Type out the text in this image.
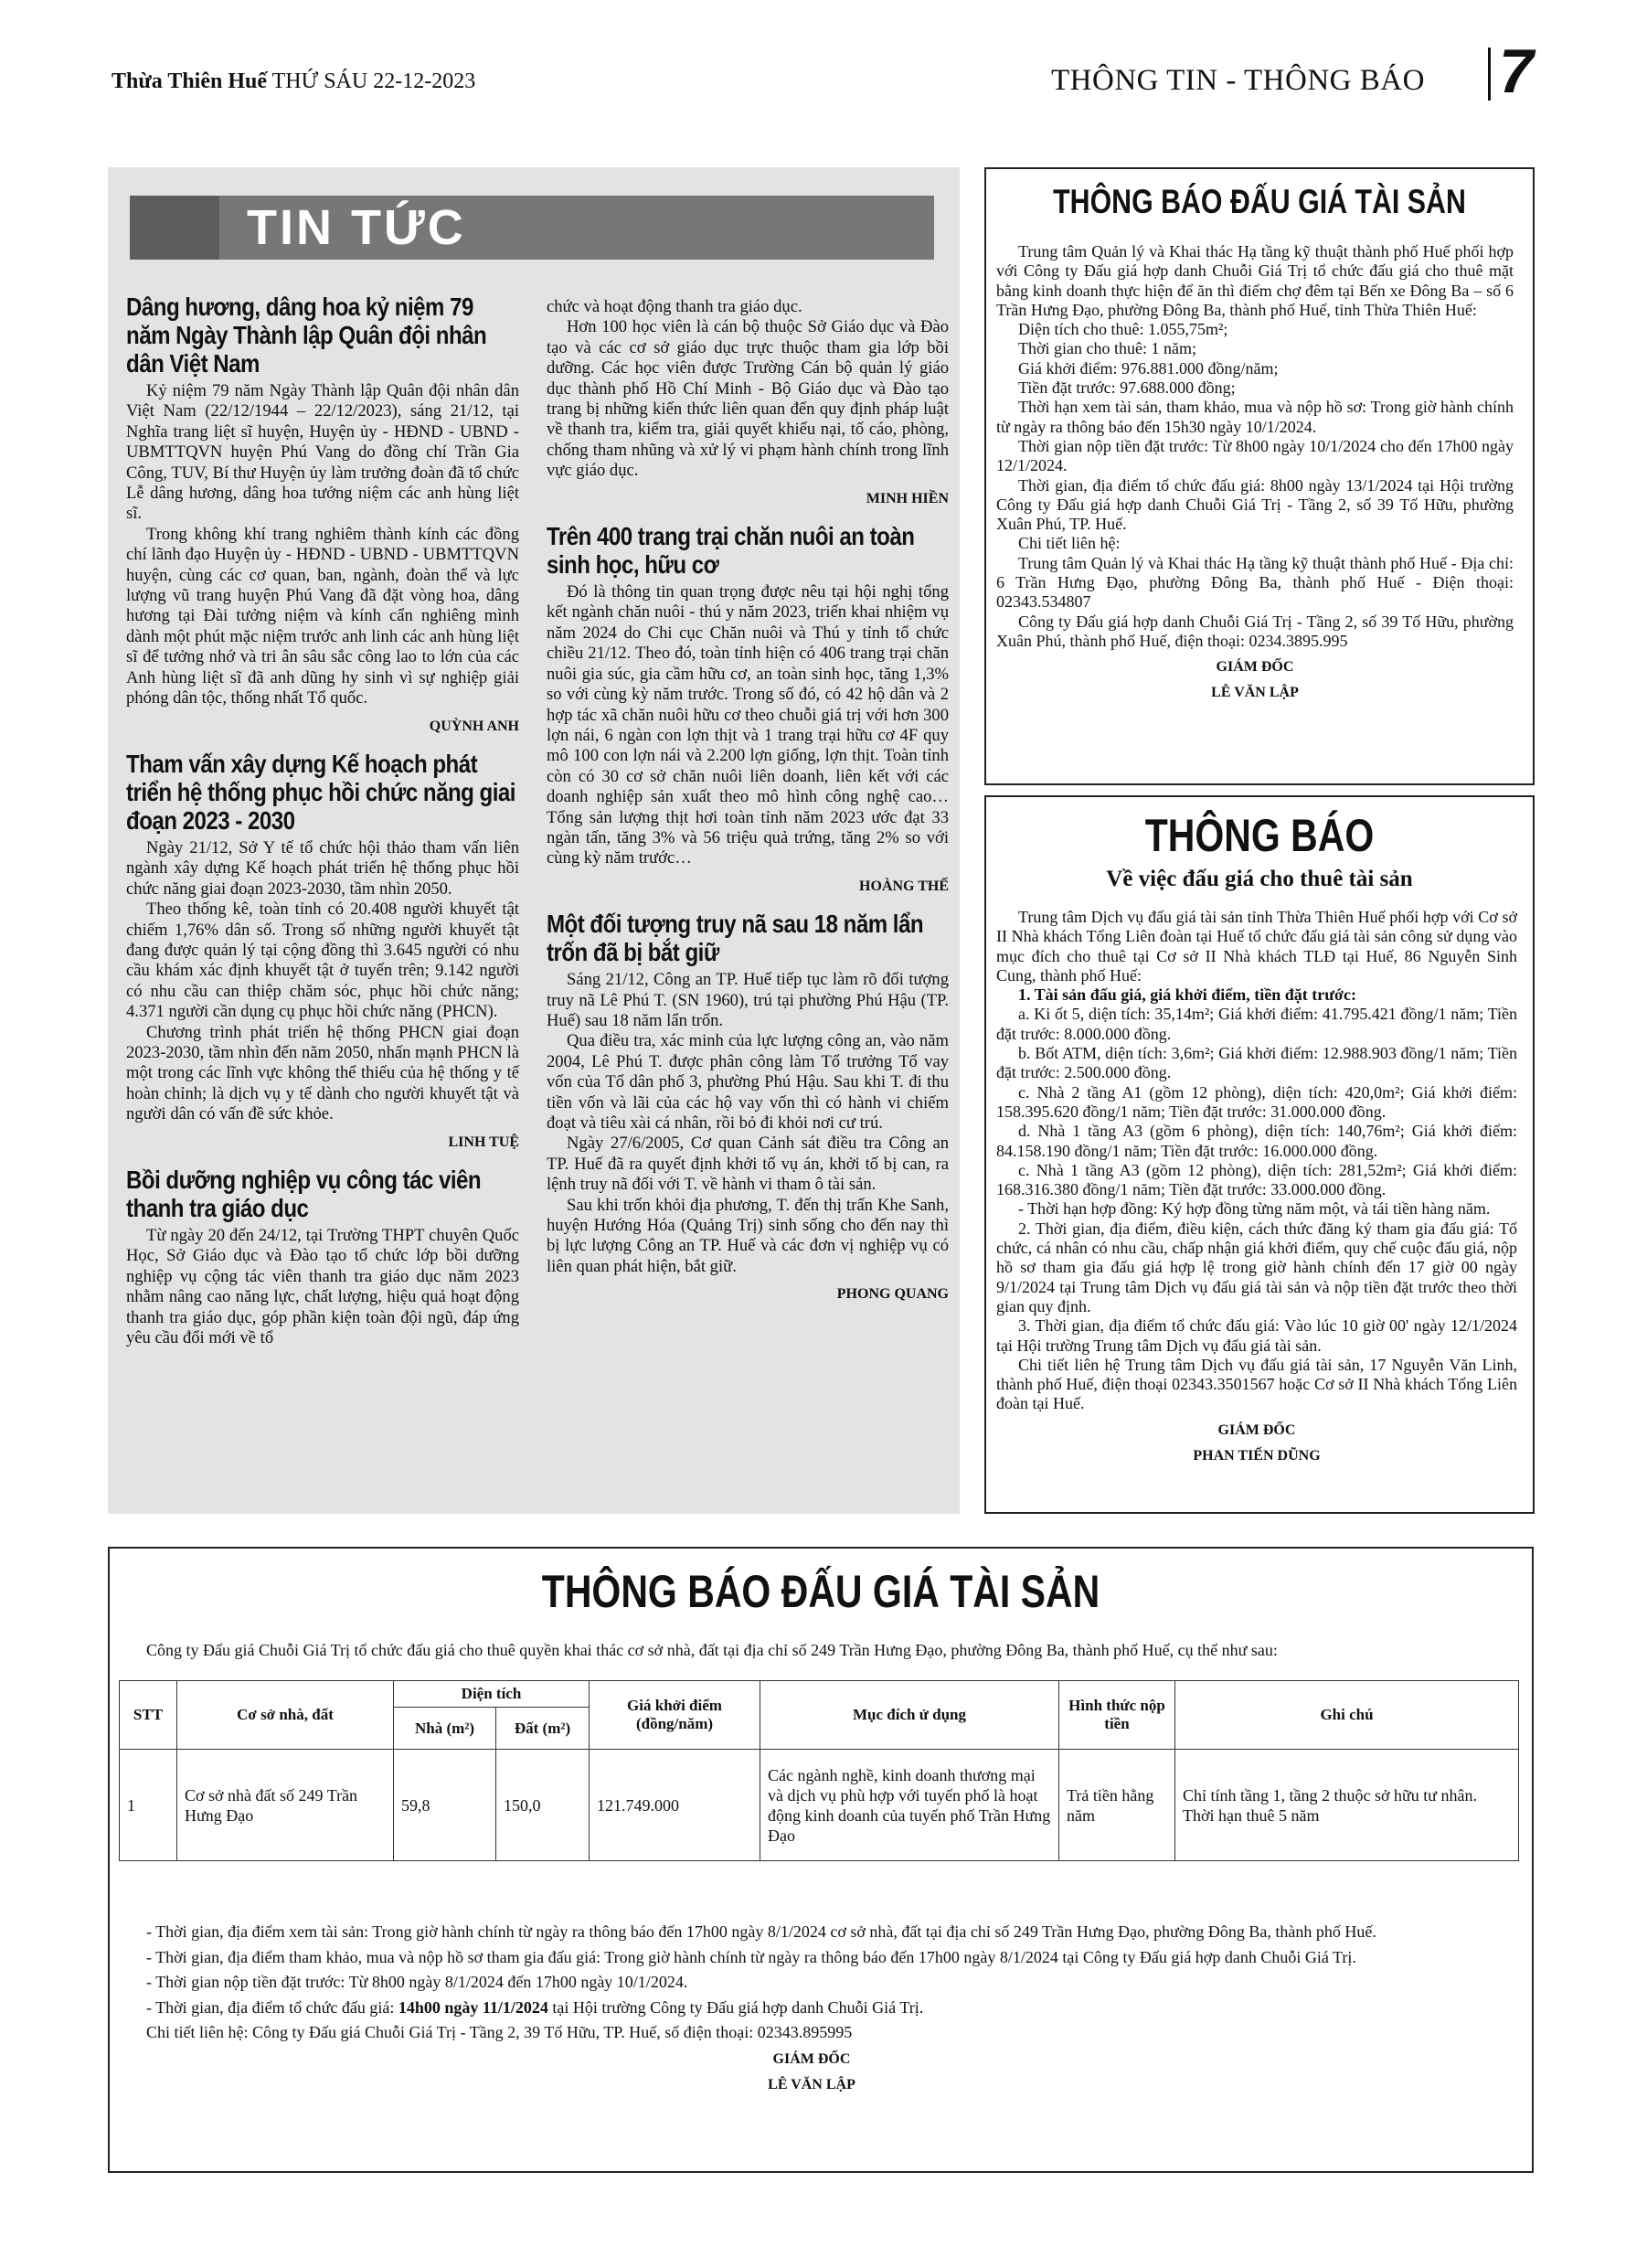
Thừa Thiên Huế THỨ SÁU 22-12-2023	THÔNG TIN - THÔNG BÁO 7
TIN TỨC
Dâng hương, dâng hoa kỷ niệm 79 năm Ngày Thành lập Quân đội nhân dân Việt Nam

Kỷ niệm 79 năm Ngày Thành lập Quân đội nhân dân Việt Nam (22/12/1944 – 22/12/2023), sáng 21/12, tại Nghĩa trang liệt sĩ huyện, Huyện ủy - HĐND - UBND - UBMTTQVN huyện Phú Vang do đồng chí Trần Gia Công, TUV, Bí thư Huyện ủy làm trưởng đoàn đã tổ chức Lễ dâng hương, dâng hoa tưởng niệm các anh hùng liệt sĩ.

Trong không khí trang nghiêm thành kính các đồng chí lãnh đạo Huyện ủy - HĐND - UBND - UBMTTQVN huyện, cùng các cơ quan, ban, ngành, đoàn thể và lực lượng vũ trang huyện Phú Vang đã đặt vòng hoa, dâng hương tại Đài tưởng niệm và kính cẩn nghiêng mình dành một phút mặc niệm trước anh linh các anh hùng liệt sĩ để tưởng nhớ và tri ân sâu sắc công lao to lớn của các Anh hùng liệt sĩ đã anh dũng hy sinh vì sự nghiệp giải phóng dân tộc, thống nhất Tổ quốc.

QUỲNH ANH

Tham vấn xây dựng Kế hoạch phát triển hệ thống phục hồi chức năng giai đoạn 2023 - 2030

Ngày 21/12, Sở Y tế tổ chức hội thảo tham vấn liên ngành xây dựng Kế hoạch phát triển hệ thống phục hồi chức năng giai đoạn 2023-2030, tầm nhìn 2050.

Theo thống kê, toàn tỉnh có 20.408 người khuyết tật chiếm 1,76% dân số. Trong số những người khuyết tật đang được quản lý tại cộng đồng thì 3.645 người có nhu cầu khám xác định khuyết tật ở tuyến trên; 9.142 người có nhu cầu can thiệp chăm sóc, phục hồi chức năng; 4.371 người cần dụng cụ phục hồi chức năng (PHCN).

Chương trình phát triển hệ thống PHCN giai đoạn 2023-2030, tầm nhìn đến năm 2050, nhấn mạnh PHCN là một trong các lĩnh vực không thể thiếu của hệ thống y tế hoàn chỉnh; là dịch vụ y tế dành cho người khuyết tật và người dân có vấn đề sức khỏe.

LINH TUỆ

Bồi dưỡng nghiệp vụ công tác viên thanh tra giáo dục

Từ ngày 20 đến 24/12, tại Trường THPT chuyên Quốc Học, Sở Giáo dục và Đào tạo tổ chức lớp bồi dưỡng nghiệp vụ cộng tác viên thanh tra giáo dục năm 2023 nhằm nâng cao năng lực, chất lượng, hiệu quả hoạt động thanh tra giáo dục, góp phần kiện toàn đội ngũ, đáp ứng yêu cầu đổi mới về tổ

chức và hoạt động thanh tra giáo dục.

Hơn 100 học viên là cán bộ thuộc Sở Giáo dục và Đào tạo và các cơ sở giáo dục trực thuộc tham gia lớp bồi dưỡng. Các học viên được Trường Cán bộ quản lý giáo dục thành phố Hồ Chí Minh - Bộ Giáo dục và Đào tạo trang bị những kiến thức liên quan đến quy định pháp luật về thanh tra, kiểm tra, giải quyết khiếu nại, tố cáo, phòng, chống tham nhũng và xử lý vi phạm hành chính trong lĩnh vực giáo dục.

MINH HIỀN

Trên 400 trang trại chăn nuôi an toàn sinh học, hữu cơ

Đó là thông tin quan trọng được nêu tại hội nghị tổng kết ngành chăn nuôi - thú y năm 2023, triển khai nhiệm vụ năm 2024 do Chi cục Chăn nuôi và Thú y tỉnh tổ chức chiều 21/12. Theo đó, toàn tỉnh hiện có 406 trang trại chăn nuôi gia súc, gia cầm hữu cơ, an toàn sinh học, tăng 1,3% so với cùng kỳ năm trước. Trong số đó, có 42 hộ dân và 2 hợp tác xã chăn nuôi hữu cơ theo chuỗi giá trị với hơn 300 lợn nái, 6 ngàn con lợn thịt và 1 trang trại hữu cơ 4F quy mô 100 con lợn nái và 2.200 lợn giống, lợn thịt. Toàn tỉnh còn có 30 cơ sở chăn nuôi liên doanh, liên kết với các doanh nghiệp sản xuất theo mô hình công nghệ cao… Tổng sản lượng thịt hơi toàn tỉnh năm 2023 ước đạt 33 ngàn tấn, tăng 3% và 56 triệu quả trứng, tăng 2% so với cùng kỳ năm trước…

HOÀNG THẾ

Một đối tượng truy nã sau 18 năm lẩn trốn đã bị bắt giữ

Sáng 21/12, Công an TP. Huế tiếp tục làm rõ đối tượng truy nã Lê Phú T. (SN 1960), trú tại phường Phú Hậu (TP. Huế) sau 18 năm lẩn trốn.

Qua điều tra, xác minh của lực lượng công an, vào năm 2004, Lê Phú T. được phân công làm Tổ trưởng Tổ vay vốn của Tổ dân phố 3, phường Phú Hậu. Sau khi T. đi thu tiền vốn và lãi của các hộ vay vốn thì có hành vi chiếm đoạt và tiêu xài cá nhân, rồi bỏ đi khỏi nơi cư trú.

Ngày 27/6/2005, Cơ quan Cảnh sát điều tra Công an TP. Huế đã ra quyết định khởi tố vụ án, khởi tố bị can, ra lệnh truy nã đối với T. về hành vi tham ô tài sản.

Sau khi trốn khỏi địa phương, T. đến thị trấn Khe Sanh, huyện Hướng Hóa (Quảng Trị) sinh sống cho đến nay thì bị lực lượng Công an TP. Huế và các đơn vị nghiệp vụ có liên quan phát hiện, bắt giữ.

PHONG QUANG

THÔNG BÁO ĐẤU GIÁ TÀI SẢN

Trung tâm Quản lý và Khai thác Hạ tầng kỹ thuật thành phố Huế phối hợp với Công ty Đấu giá hợp danh Chuỗi Giá Trị tổ chức đấu giá cho thuê mặt bằng kinh doanh thực hiện để ăn thì điểm chợ đêm tại Bến xe Đông Ba – số 6 Trần Hưng Đạo, phường Đông Ba, thành phố Huế, tỉnh Thừa Thiên Huế:

Diện tích cho thuê: 1.055,75m²;

Thời gian cho thuê: 1 năm;

Giá khởi điểm: 976.881.000 đồng/năm;

Tiền đặt trước: 97.688.000 đồng;

Thời hạn xem tài sản, tham khảo, mua và nộp hồ sơ: Trong giờ hành chính từ ngày ra thông báo đến 15h30 ngày 10/1/2024.

Thời gian nộp tiền đặt trước: Từ 8h00 ngày 10/1/2024 cho đến 17h00 ngày 12/1/2024.

Thời gian, địa điểm tổ chức đấu giá: 8h00 ngày 13/1/2024 tại Hội trường Công ty Đấu giá hợp danh Chuỗi Giá Trị - Tầng 2, số 39 Tố Hữu, phường Xuân Phú, TP. Huế.

Chi tiết liên hệ:

Trung tâm Quản lý và Khai thác Hạ tầng kỹ thuật thành phố Huế - Địa chỉ: 6 Trần Hưng Đạo, phường Đông Ba, thành phố Huế - Điện thoại: 02343.534807

Công ty Đấu giá hợp danh Chuỗi Giá Trị - Tầng 2, số 39 Tố Hữu, phường Xuân Phú, thành phố Huế, điện thoại: 0234.3895.995

GIÁM ĐỐC
LÊ VĂN LẬP
THÔNG BÁO
Về việc đấu giá cho thuê tài sản

Trung tâm Dịch vụ đấu giá tài sản tỉnh Thừa Thiên Huế phối hợp với Cơ sở II Nhà khách Tổng Liên đoàn tại Huế tổ chức đấu giá tài sản công sử dụng vào mục đích cho thuê tại Cơ sở II Nhà khách TLĐ tại Huế, 86 Nguyễn Sinh Cung, thành phố Huế:

1. Tài sản đấu giá, giá khởi điểm, tiền đặt trước:

a. Ki ốt 5, diện tích: 35,14m²; Giá khởi điểm: 41.795.421 đồng/1 năm; Tiền đặt trước: 8.000.000 đồng.

b. Bốt ATM, diện tích: 3,6m²; Giá khởi điểm: 12.988.903 đồng/1 năm; Tiền đặt trước: 2.500.000 đồng.

c. Nhà 2 tầng A1 (gồm 12 phòng), diện tích: 420,0m²; Giá khởi điểm: 158.395.620 đồng/1 năm; Tiền đặt trước: 31.000.000 đồng.

d. Nhà 1 tầng A3 (gồm 6 phòng), diện tích: 140,76m²; Giá khởi điểm: 84.158.190 đồng/1 năm; Tiền đặt trước: 16.000.000 đồng.

c. Nhà 1 tầng A3 (gồm 12 phòng), diện tích: 281,52m²; Giá khởi điểm: 168.316.380 đồng/1 năm; Tiền đặt trước: 33.000.000 đồng.

- Thời hạn hợp đồng: Ký hợp đồng từng năm một, và tái tiền hàng năm.

2. Thời gian, địa điểm, điều kiện, cách thức đăng ký tham gia đấu giá: Tổ chức, cá nhân có nhu cầu, chấp nhận giá khởi điểm, quy chế cuộc đấu giá, nộp hồ sơ tham gia đấu giá hợp lệ trong giờ hành chính đến 17 giờ 00 ngày 9/1/2024 tại Trung tâm Dịch vụ đấu giá tài sản và nộp tiền đặt trước theo thời gian quy định.

3. Thời gian, địa điểm tổ chức đấu giá: Vào lúc 10 giờ 00' ngày 12/1/2024 tại Hội trường Trung tâm Dịch vụ đấu giá tài sản.

Chi tiết liên hệ Trung tâm Dịch vụ đấu giá tài sản, 17 Nguyễn Văn Linh, thành phố Huế, điện thoại 02343.3501567 hoặc Cơ sở II Nhà khách Tổng Liên đoàn tại Huế.

GIÁM ĐỐC
PHAN TIẾN DŨNG
THÔNG BÁO ĐẤU GIÁ TÀI SẢN
Công ty Đấu giá Chuỗi Giá Trị tổ chức đấu giá cho thuê quyền khai thác cơ sở nhà, đất tại địa chỉ số 249 Trần Hưng Đạo, phường Đông Ba, thành phố Huế, cụ thể như sau:
STT	Cơ sở nhà, đất	Diện tích		Giá khởi điểm (đồng/năm)	Mục đích ử dụng	Hình thức nộp tiền	Ghi chú
		Nhà (m²)	Đất (m²)				
1	Cơ sở nhà đất số 249 Trần Hưng Đạo	59,8	150,0	121.749.000	Các ngành nghề, kinh doanh thương mại và dịch vụ phù hợp với tuyến phố là hoạt động kinh doanh của tuyến phố Trần Hưng Đạo	Trả tiền hằng năm	Chỉ tính tầng 1, tầng 2 thuộc sở hữu tư nhân. Thời hạn thuê 5 năm

- Thời gian, địa điểm xem tài sản: Trong giờ hành chính từ ngày ra thông báo đến 17h00 ngày 8/1/2024 cơ sở nhà, đất tại địa chỉ số 249 Trần Hưng Đạo, phường Đông Ba, thành phố Huế.

- Thời gian, địa điểm tham khảo, mua và nộp hồ sơ tham gia đấu giá: Trong giờ hành chính từ ngày ra thông báo đến 17h00 ngày 8/1/2024 tại Công ty Đấu giá hợp danh Chuỗi Giá Trị.

- Thời gian nộp tiền đặt trước: Từ 8h00 ngày 8/1/2024 đến 17h00 ngày 10/1/2024.

- Thời gian, địa điểm tổ chức đấu giá: 14h00 ngày 11/1/2024 tại Hội trường Công ty Đấu giá hợp danh Chuỗi Giá Trị.

Chi tiết liên hệ: Công ty Đấu giá Chuỗi Giá Trị - Tầng 2, 39 Tố Hữu, TP. Huế, số điện thoại: 02343.895995

GIÁM ĐỐC
LÊ VĂN LẬP
